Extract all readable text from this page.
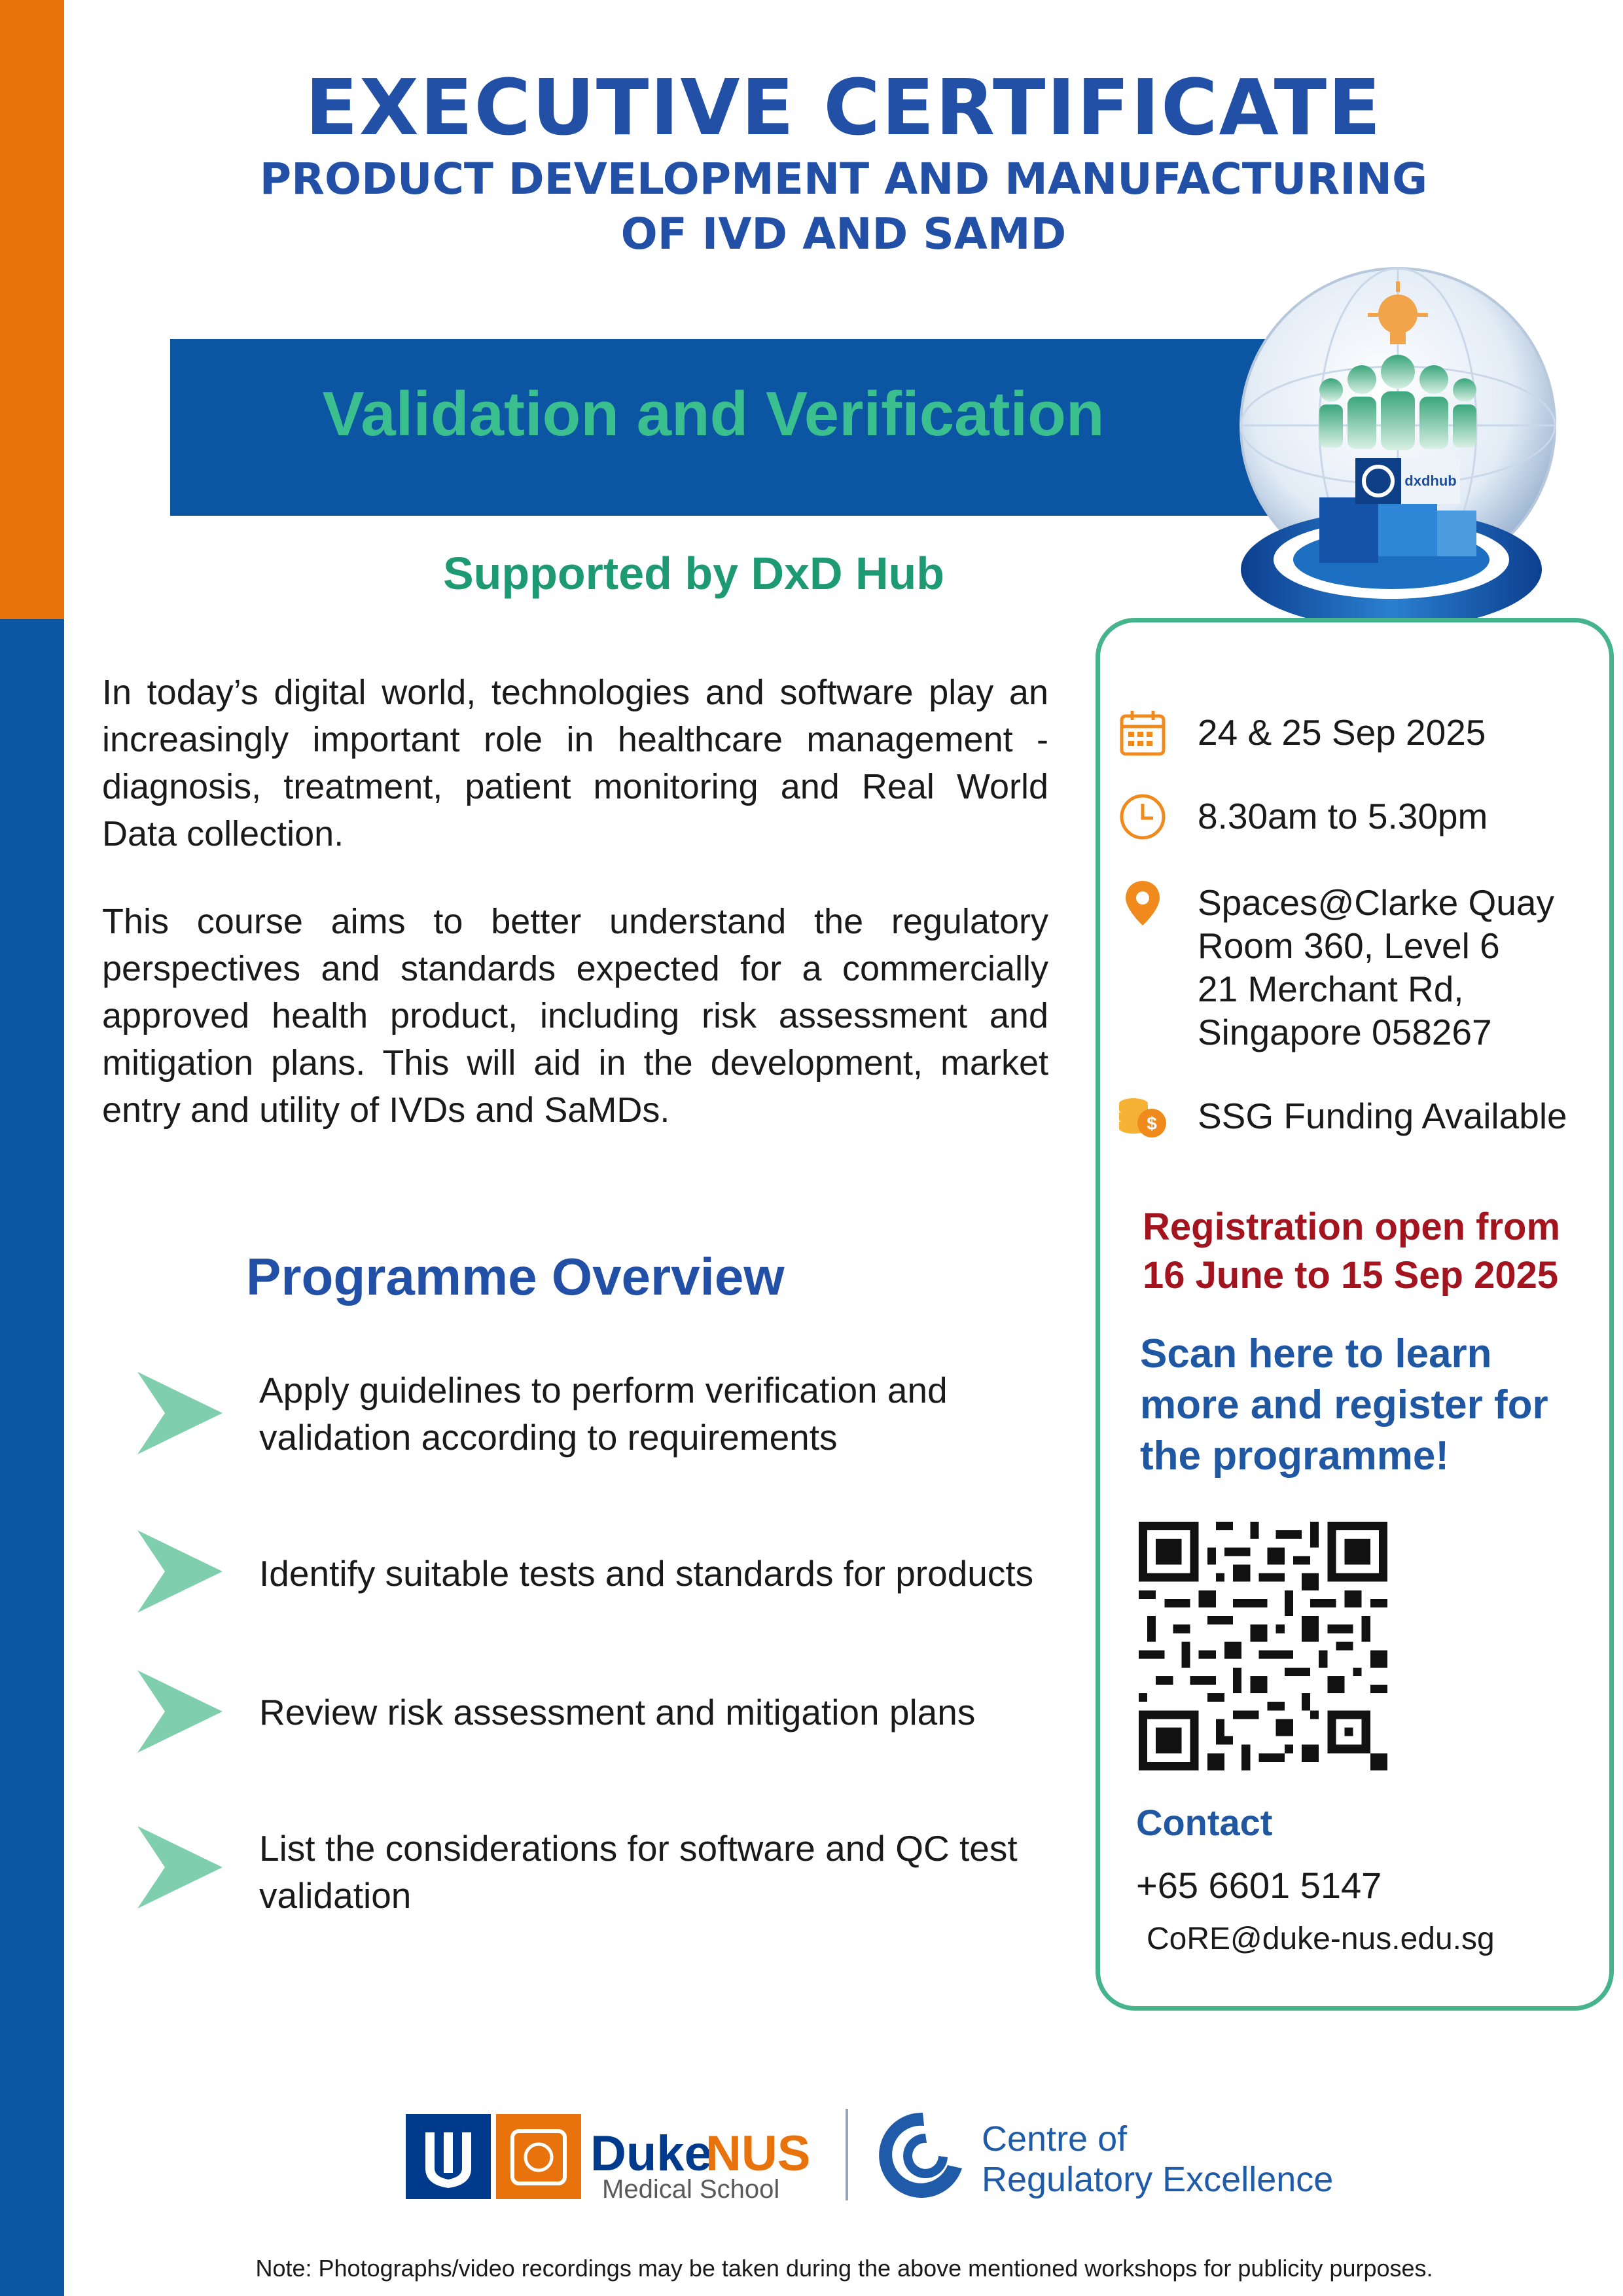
EXECUTIVE CERTIFICATE
PRODUCT DEVELOPMENT AND MANUFACTURING
OF IVD AND SAMD
Validation and Verification
dxdhub
Supported by DxD Hub
In today’s digital world, technologies and software play an increasingly important role in healthcare management - diagnosis, treatment, patient monitoring and Real World Data collection.
This course aims to better understand the regulatory perspectives and standards expected for a commercially approved health product, including risk assessment and mitigation plans. This will aid in the development, market entry and utility of IVDs and SaMDs.
Programme Overview
Apply guidelines to perform verification and validation according to requirements
Identify suitable tests and standards for products
Review risk assessment and mitigation plans
List the considerations for software and QC test validation
24 & 25 Sep 2025
8.30am to 5.30pm
Spaces@Clarke Quay
Room 360, Level 6
21 Merchant Rd,
Singapore 058267
$ SSG Funding Available
Registration open from
16 June to 15 Sep 2025
Scan here to learn
more and register for
the programme!
Contact
+65 6601 5147
CoRE@duke-nus.edu.sg
Duke
NUS
Medical School
Centre of
Regulatory Excellence
Note: Photographs/video recordings may be taken during the above mentioned workshops for publicity purposes.
